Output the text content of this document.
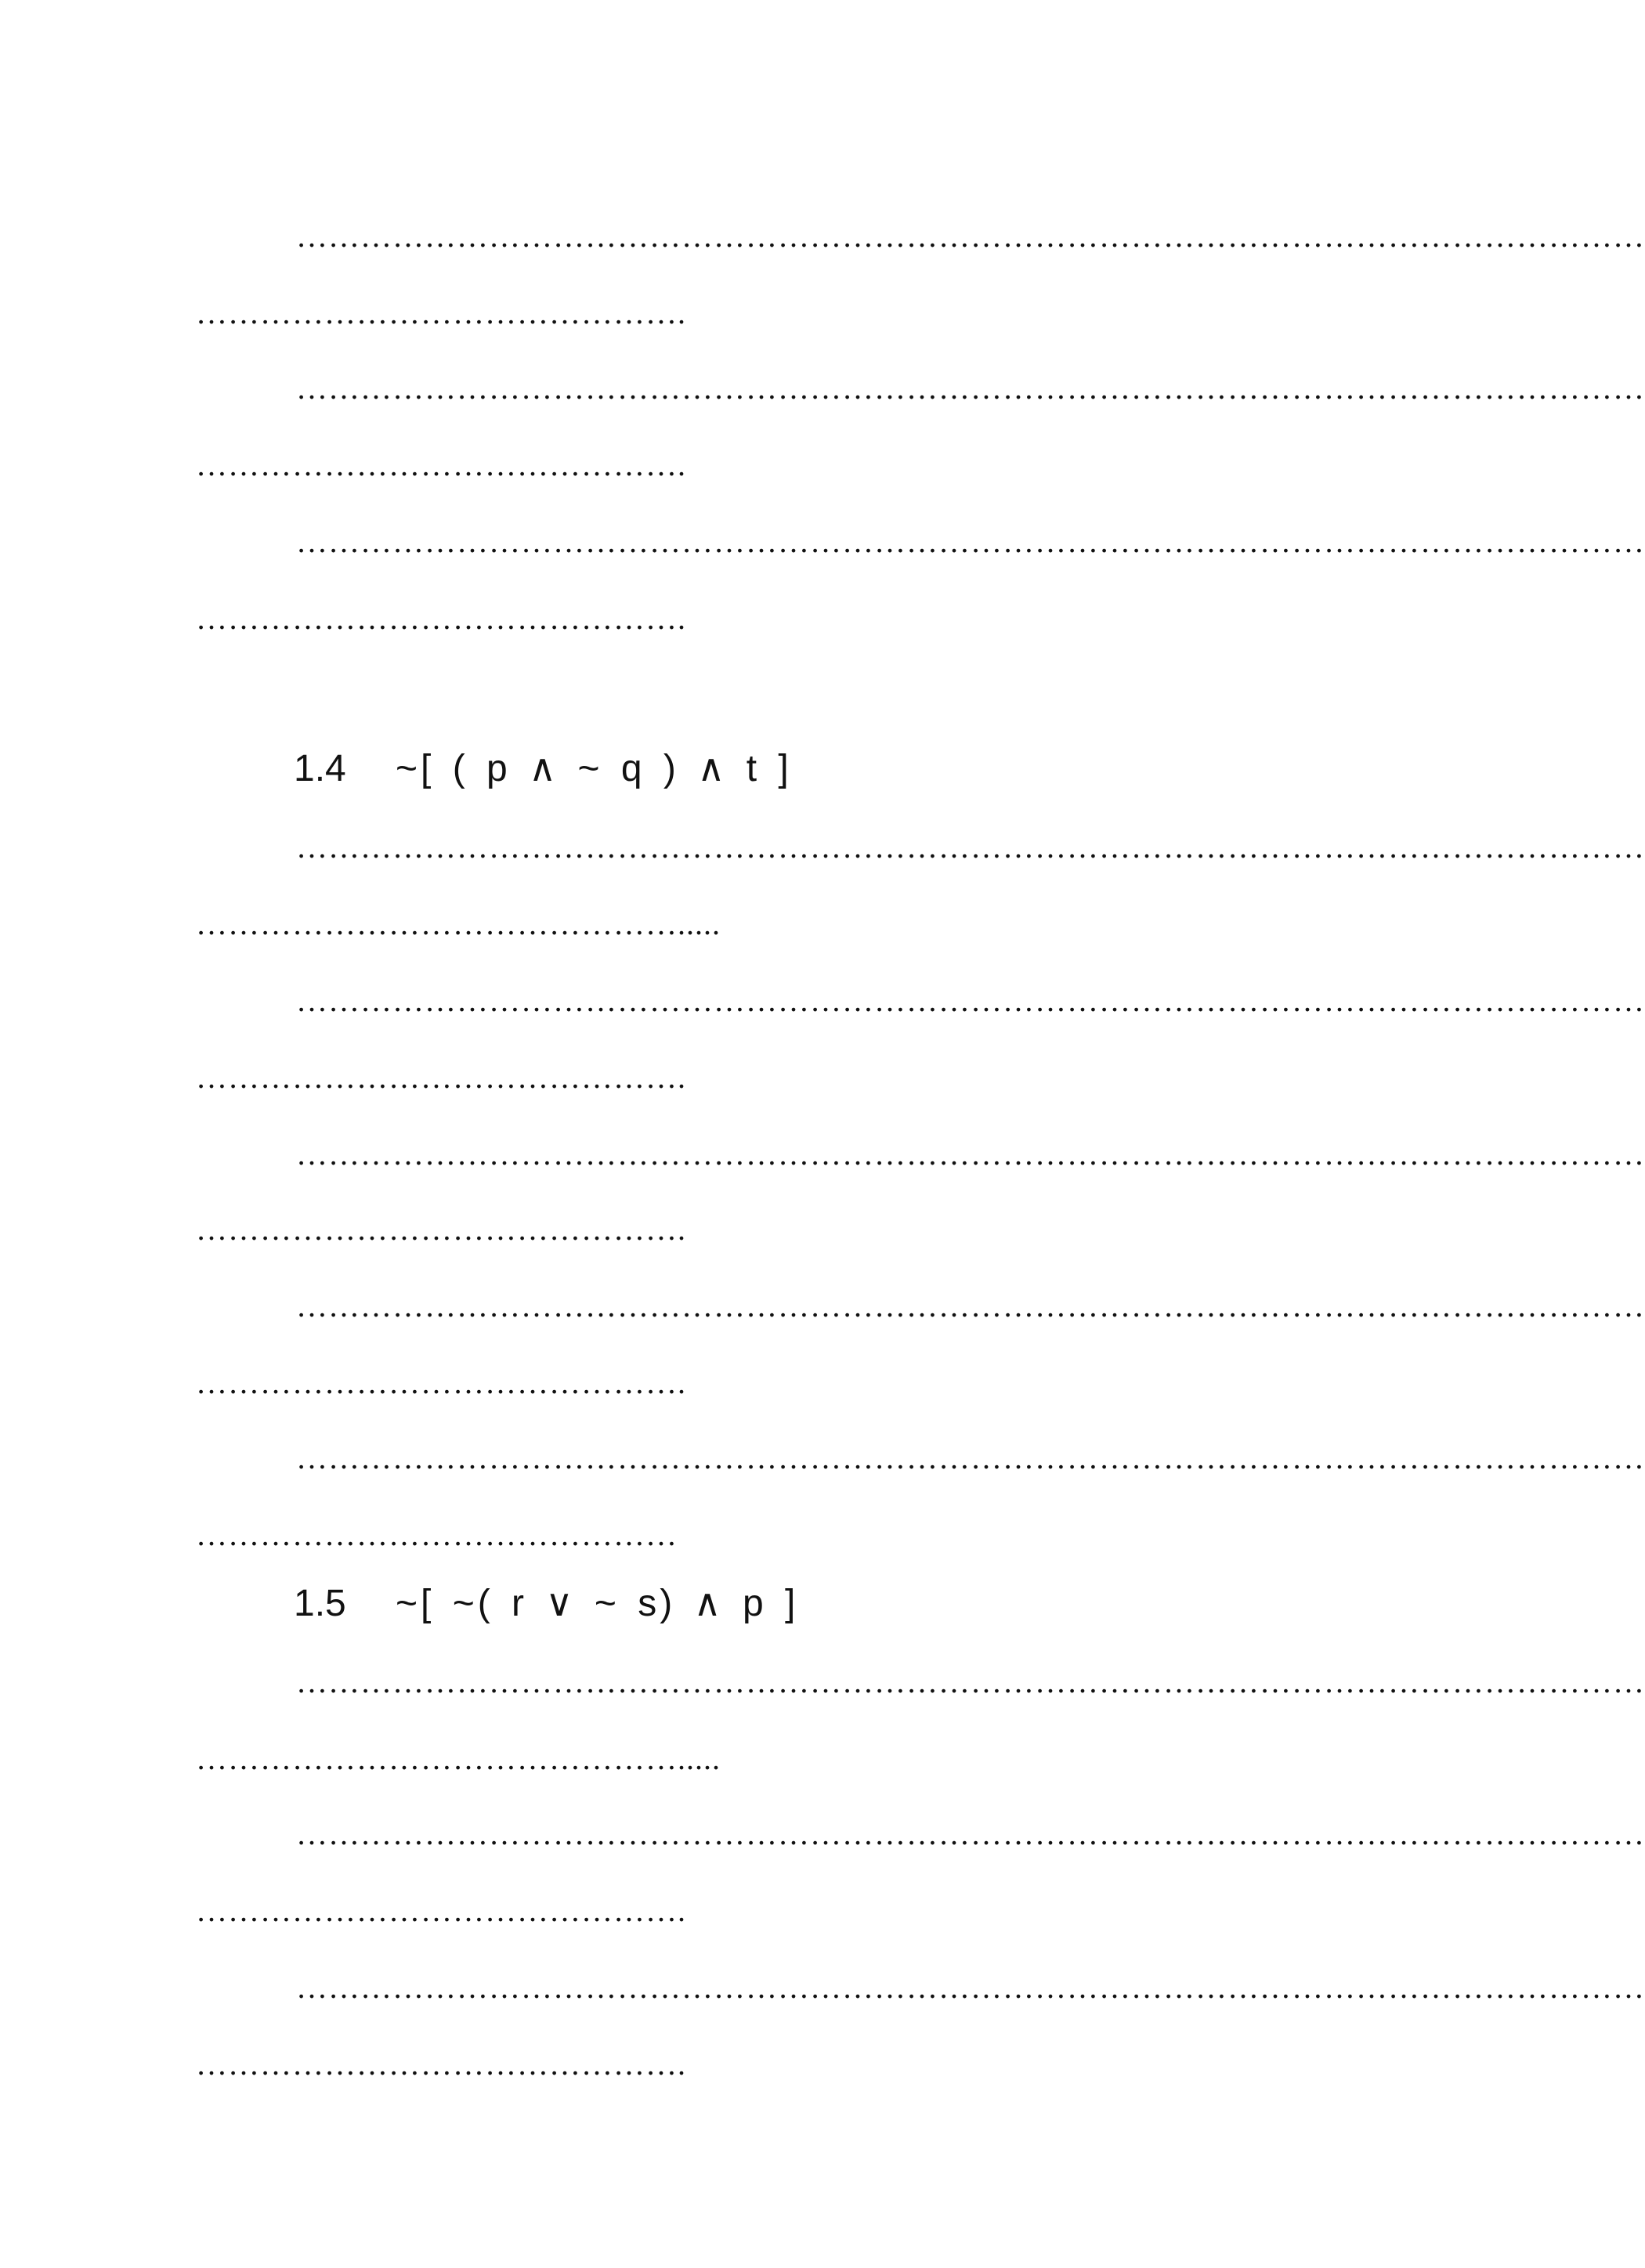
………………………………………………………………………………………………………………
……………………………………….
………………………………………………………………………………………………………………
……………………………………….
………………………………………………………………………………………………………………
……………………………………….
1.4 ~[ ( p ∧ ~ q ) ∧ t ]
………………………………………………………………………………………………………………
……………………………………….....
………………………………………………………………………………………………………………
……………………………………….
………………………………………………………………………………………………………………
……………………………………….
………………………………………………………………………………………………………………
……………………………………….
………………………………………………………………………………………………………………
………………………………………
1.5 ~[ ~( r ∨ ~ s) ∧ p ]
………………………………………………………………………………………………………………
……………………………………….....
………………………………………………………………………………………………………………
……………………………………….
………………………………………………………………………………………………………………
……………………………………….
